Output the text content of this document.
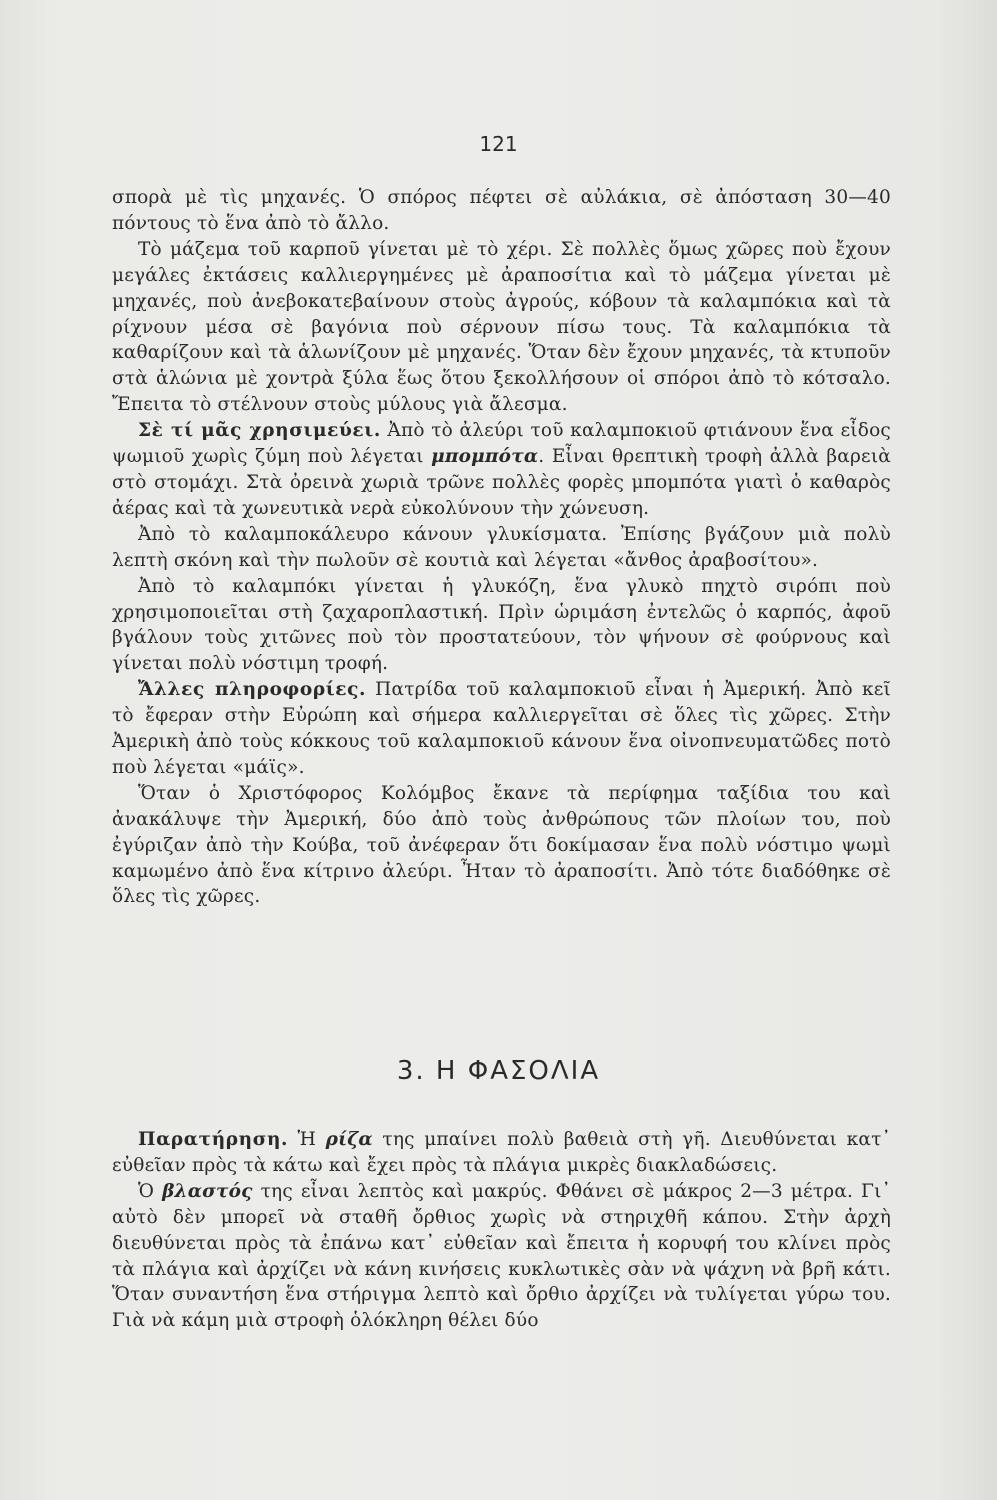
121

σπορὰ μὲ τὶς μηχανές. Ὁ σπόρος πέφτει σὲ αὐλάκια, σὲ ἀπόσταση 30—40 πόντους τὸ ἕνα ἀπὸ τὸ ἄλλο.

Τὸ μάζεμα τοῦ καρποῦ γίνεται μὲ τὸ χέρι. Σὲ πολλὲς ὅμως χῶρες ποὺ ἔχουν μεγάλες ἐκτάσεις καλλιεργημένες μὲ ἀραποσίτια καὶ τὸ μάζεμα γίνεται μὲ μηχανές, ποὺ ἀνεβοκατεβαίνουν στοὺς ἀγρούς, κόβουν τὰ καλαμπόκια καὶ τὰ ρίχνουν μέσα σὲ βαγόνια ποὺ σέρνουν πίσω τους. Τὰ καλαμπόκια τὰ καθαρίζουν καὶ τὰ ἁλωνίζουν μὲ μηχανές. Ὅταν δὲν ἔχουν μηχανές, τὰ κτυποῦν στὰ ἁλώνια μὲ χοντρὰ ξύλα ἕως ὅτου ξεκολλήσουν οἱ σπόροι ἀπὸ τὸ κότσαλο. Ἔπειτα τὸ στέλνουν στοὺς μύλους γιὰ ἄλεσμα.

Σὲ τί μᾶς χρησιμεύει. Ἀπὸ τὸ ἀλεύρι τοῦ καλαμποκιοῦ φτιάνουν ἕνα εἶδος ψωμιοῦ χωρὶς ζύμη ποὺ λέγεται μπομπότα. Εἶναι θρεπτικὴ τροφὴ ἀλλὰ βαρειὰ στὸ στομάχι. Στὰ ὀρεινὰ χωριὰ τρῶνε πολλὲς φορὲς μπομπότα γιατὶ ὁ καθαρὸς ἀέρας καὶ τὰ χωνευτικὰ νερὰ εὐκολύνουν τὴν χώνευση.

Ἀπὸ τὸ καλαμποκάλευρο κάνουν γλυκίσματα. Ἐπίσης βγάζουν μιὰ πολὺ λεπτὴ σκόνη καὶ τὴν πωλοῦν σὲ κουτιὰ καὶ λέγεται «ἄνθος ἀραβοσίτου».

Ἀπὸ τὸ καλαμπόκι γίνεται ἡ γλυκόζη, ἕνα γλυκὸ πηχτὸ σιρόπι ποὺ χρησιμοποιεῖται στὴ ζαχαροπλαστική. Πρὶν ὡριμάση ἐντελῶς ὁ καρπός, ἀφοῦ βγάλουν τοὺς χιτῶνες ποὺ τὸν προστατεύουν, τὸν ψήνουν σὲ φούρνους καὶ γίνεται πολὺ νόστιμη τροφή.

Ἄλλες πληροφορίες. Πατρίδα τοῦ καλαμποκιοῦ εἶναι ἡ Ἀμερική. Ἀπὸ κεῖ τὸ ἔφεραν στὴν Εὐρώπη καὶ σήμερα καλλιεργεῖται σὲ ὅλες τὶς χῶρες. Στὴν Ἀμερικὴ ἀπὸ τοὺς κόκκους τοῦ καλαμποκιοῦ κάνουν ἕνα οἰνοπνευματῶδες ποτὸ ποὺ λέγεται «μάϊς».

Ὅταν ὁ Χριστόφορος Κολόμβος ἔκανε τὰ περίφημα ταξίδια του καὶ ἀνακάλυψε τὴν Ἀμερική, δύο ἀπὸ τοὺς ἀνθρώπους τῶν πλοίων του, ποὺ ἐγύριζαν ἀπὸ τὴν Κούβα, τοῦ ἀνέφεραν ὅτι δοκίμασαν ἕνα πολὺ νόστιμο ψωμὶ καμωμένο ἀπὸ ἕνα κίτρινο ἀλεύρι. Ἦταν τὸ ἀραποσίτι. Ἀπὸ τότε διαδόθηκε σὲ ὅλες τὶς χῶρες.

3. Η ΦΑΣΟΛΙΑ

Παρατήρηση. Ἡ ρίζα της μπαίνει πολὺ βαθειὰ στὴ γῆ. Διευθύνεται κατ᾿ εὐθεῖαν πρὸς τὰ κάτω καὶ ἔχει πρὸς τὰ πλάγια μικρὲς διακλαδώσεις.

Ὁ βλαστός της εἶναι λεπτὸς καὶ μακρύς. Φθάνει σὲ μάκρος 2—3 μέτρα. Γι᾿ αὐτὸ δὲν μπορεῖ νὰ σταθῆ ὄρθιος χωρὶς νὰ στηριχθῆ κάπου. Στὴν ἀρχὴ διευθύνεται πρὸς τὰ ἐπάνω κατ᾿ εὐθεῖαν καὶ ἔπειτα ἡ κορυφή του κλίνει πρὸς τὰ πλάγια καὶ ἀρχίζει νὰ κάνη κινήσεις κυκλωτικὲς σὰν νὰ ψάχνη νὰ βρῆ κάτι. Ὅταν συναντήση ἕνα στήριγμα λεπτὸ καὶ ὄρθιο ἀρχίζει νὰ τυλίγεται γύρω του. Γιὰ νὰ κάμη μιὰ στροφὴ ὁλόκληρη θέλει δύο
